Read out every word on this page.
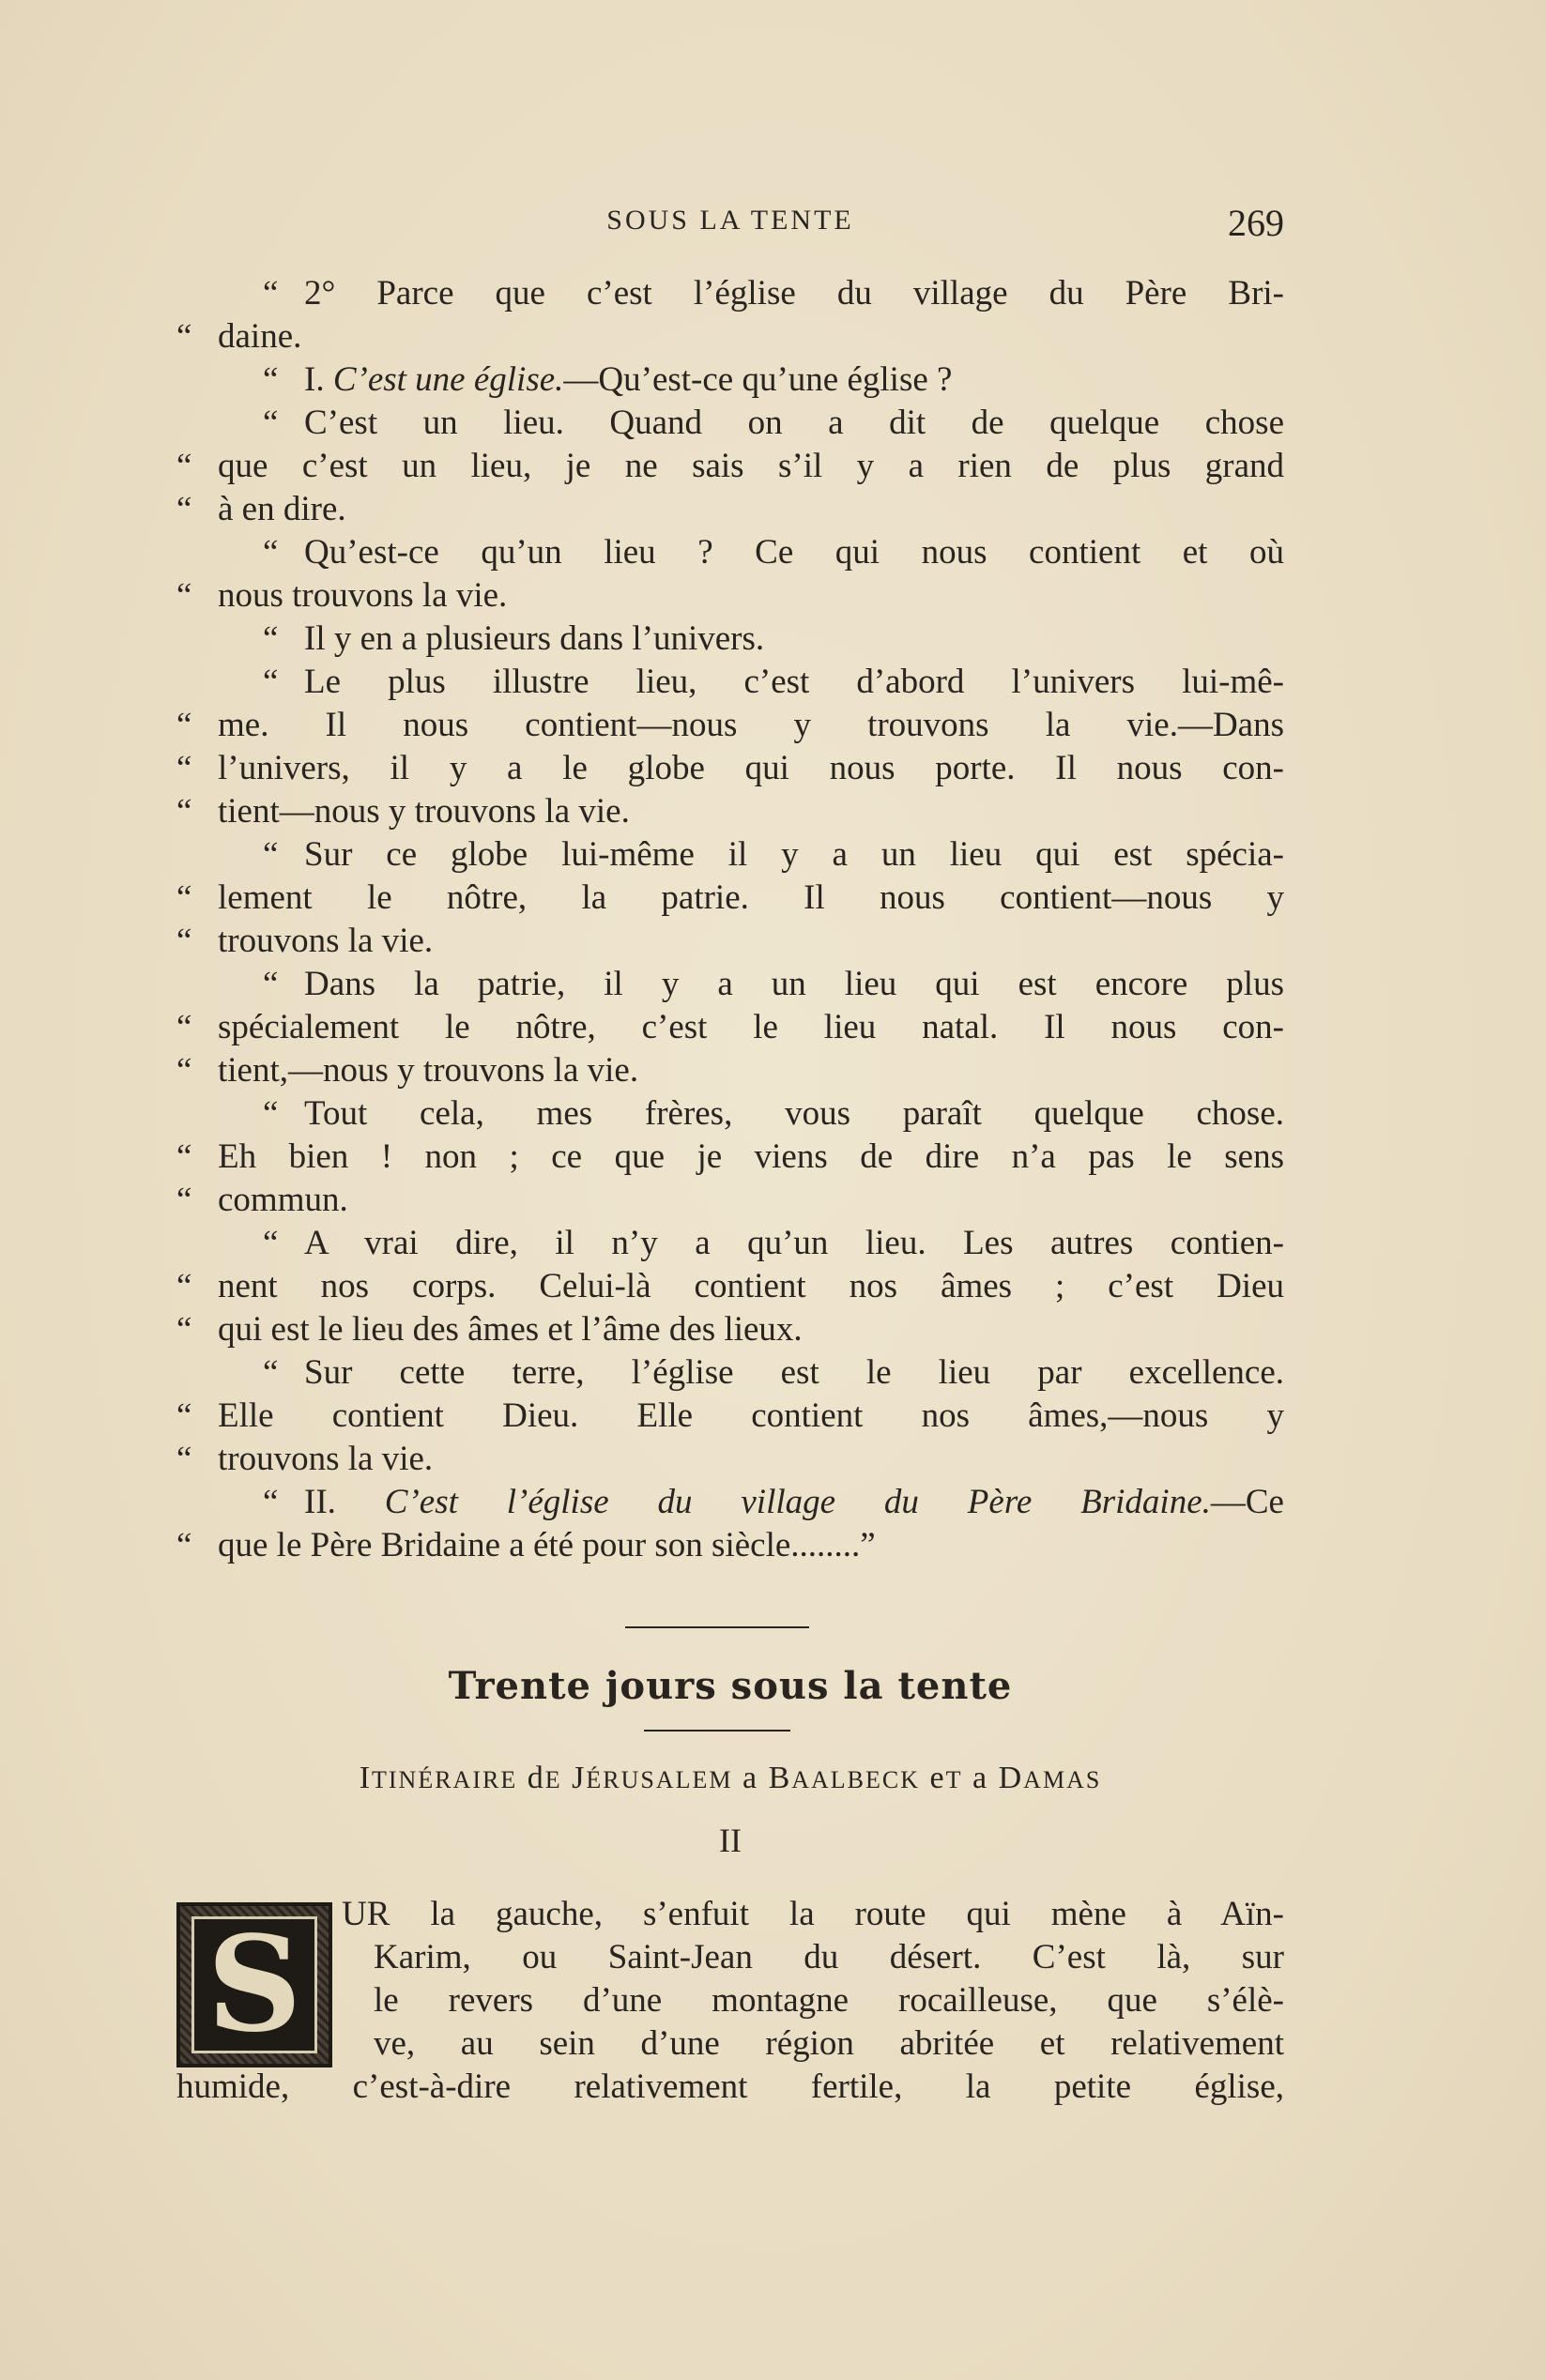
SOUS LA TENTE	269
“ 2° Parce que c’est l’église du village du Père Bri-
“ daine.
“ I. C’est une église.—Qu’est-ce qu’une église ?
“ C’est un lieu. Quand on a dit de quelque chose
“ que c’est un lieu, je ne sais s’il y a rien de plus grand
“ à en dire.
“ Qu’est-ce qu’un lieu ? Ce qui nous contient et où
“ nous trouvons la vie.
“ Il y en a plusieurs dans l’univers.
“ Le plus illustre lieu, c’est d’abord l’univers lui-mê-
“ me. Il nous contient—nous y trouvons la vie.—Dans
“ l’univers, il y a le globe qui nous porte. Il nous con-
“ tient—nous y trouvons la vie.
“ Sur ce globe lui-même il y a un lieu qui est spécia-
“ lement le nôtre, la patrie. Il nous contient—nous y
“ trouvons la vie.
“ Dans la patrie, il y a un lieu qui est encore plus
“ spécialement le nôtre, c’est le lieu natal. Il nous con-
“ tient,—nous y trouvons la vie.
“ Tout cela, mes frères, vous paraît quelque chose.
“ Eh bien ! non ; ce que je viens de dire n’a pas le sens
“ commun.
“ A vrai dire, il n’y a qu’un lieu. Les autres contien-
“ nent nos corps. Celui-là contient nos âmes ; c’est Dieu
“ qui est le lieu des âmes et l’âme des lieux.
“ Sur cette terre, l’église est le lieu par excellence.
“ Elle contient Dieu. Elle contient nos âmes,—nous y
“ trouvons la vie.
“ II. C’est l’église du village du Père Bridaine.—Ce
“ que le Père Bridaine a été pour son siècle........”
Trente jours sous la tente
ITINÉRAIRE dE JÉRUSALEM a BAALBECK eT a DAMAS
II
S	UR la gauche, s’enfuit la route qui mène à Aïn-
Karim, ou Saint-Jean du désert. C’est là, sur
le revers d’une montagne rocailleuse, que s’élè-
ve, au sein d’une région abritée et relativement
humide, c’est-à-dire relativement fertile, la petite église,
